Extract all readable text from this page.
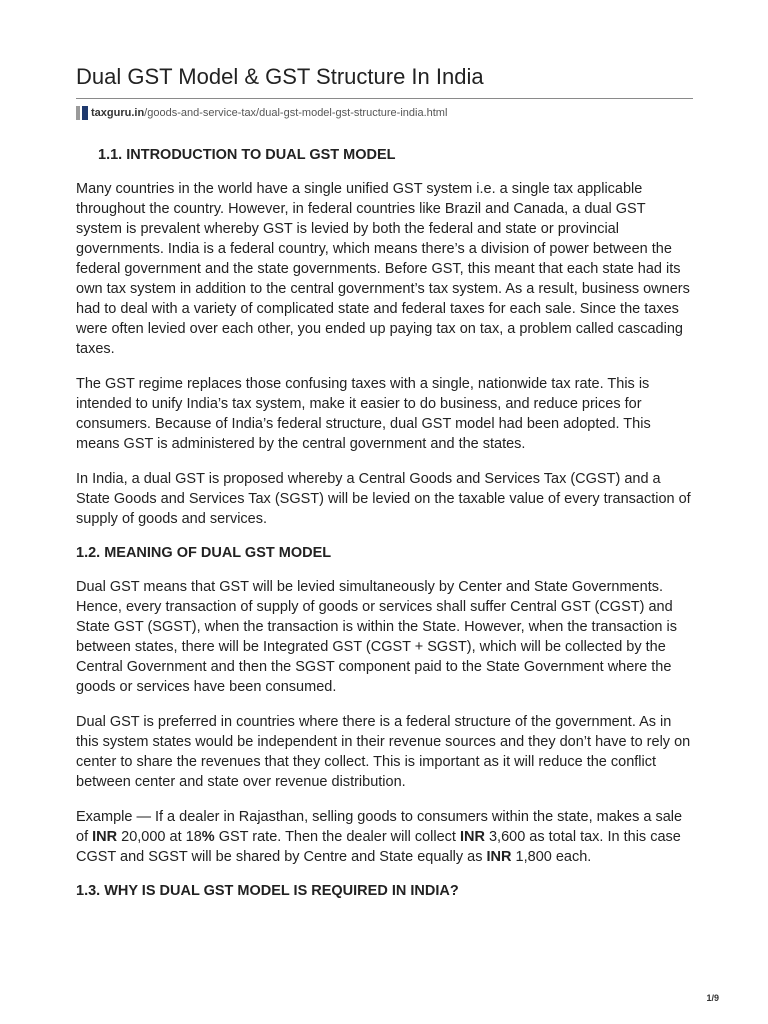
Dual GST Model & GST Structure In India
taxguru.in /goods-and-service-tax/dual-gst-model-gst-structure-india.html
1.1. INTRODUCTION TO DUAL GST MODEL

Many countries in the world have a single unified GST system i.e. a single tax applicable throughout the country. However, in federal countries like Brazil and Canada, a dual GST system is prevalent whereby GST is levied by both the federal and state or provincial governments. India is a federal country, which means there’s a division of power between the federal government and the state governments. Before GST, this meant that each state had its own tax system in addition to the central government’s tax system. As a result, business owners had to deal with a variety of complicated state and federal taxes for each sale. Since the taxes were often levied over each other, you ended up paying tax on tax, a problem called cascading taxes.

The GST regime replaces those confusing taxes with a single, nationwide tax rate. This is intended to unify India’s tax system, make it easier to do business, and reduce prices for consumers. Because of India’s federal structure, dual GST model had been adopted. This means GST is administered by the central government and the states.

In India, a dual GST is proposed whereby a Central Goods and Services Tax (CGST) and a State Goods and Services Tax (SGST) will be levied on the taxable value of every transaction of supply of goods and services.

1.2. MEANING OF DUAL GST MODEL

Dual GST means that GST will be levied simultaneously by Center and State Governments. Hence, every transaction of supply of goods or services shall suffer Central GST (CGST) and State GST (SGST), when the transaction is within the State. However, when the transaction is between states, there will be Integrated GST (CGST + SGST), which will be collected by the Central Government and then the SGST component paid to the State Government where the goods or services have been consumed.

Dual GST is preferred in countries where there is a federal structure of the government. As in this system states would be independent in their revenue sources and they don’t have to rely on center to share the revenues that they collect. This is important as it will reduce the conflict between center and state over revenue distribution.

Example — If a dealer in Rajasthan, selling goods to consumers within the state, makes a sale of INR 20,000 at 18% GST rate. Then the dealer will collect INR 3,600 as total tax. In this case CGST and SGST will be shared by Centre and State equally as INR 1,800 each.

1.3. WHY IS DUAL GST MODEL IS REQUIRED IN INDIA?
1/9
